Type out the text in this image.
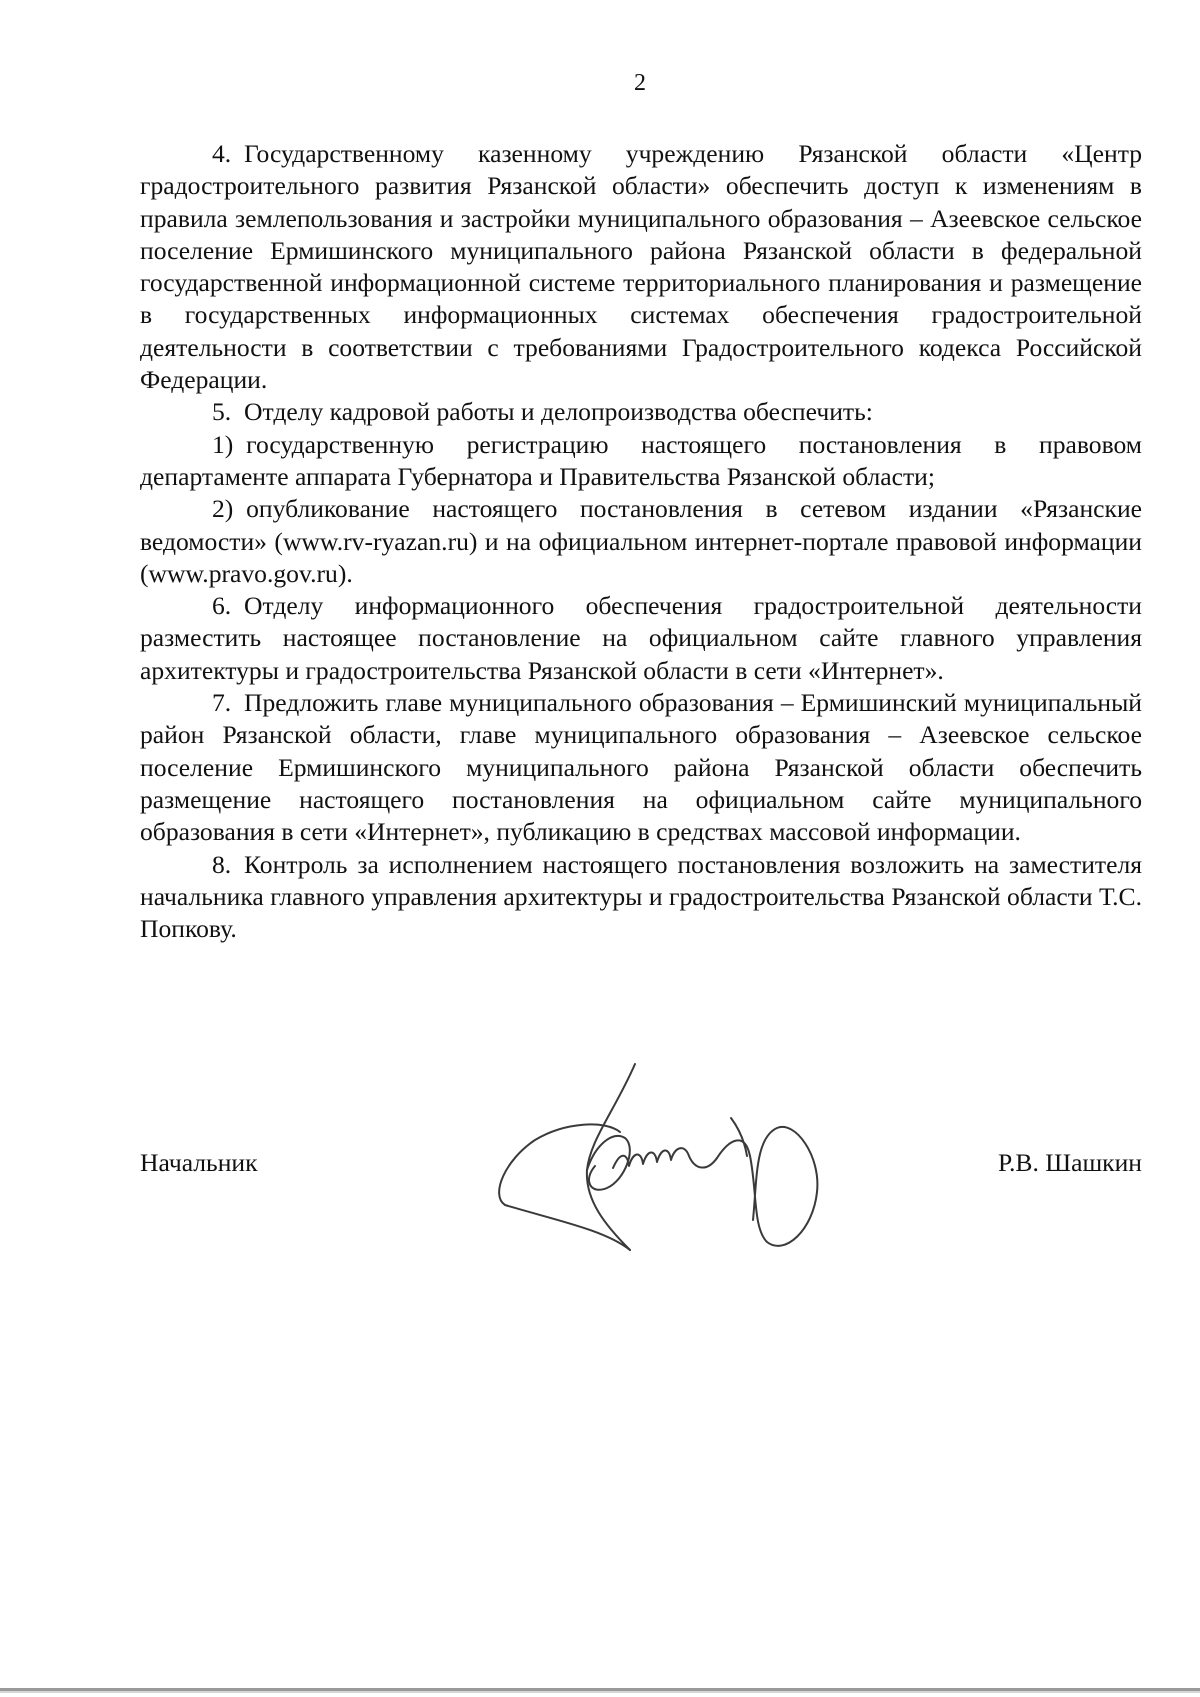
2

4. Государственному казенному учреждению Рязанской области «Центр градостроительного развития Рязанской области» обеспечить доступ к изменениям в правила землепользования и застройки муниципального образования – Азеевское сельское поселение Ермишинского муниципального района Рязанской области в федеральной государственной информационной системе территориального планирования и размещение в государственных информационных системах обеспечения градостроительной деятельности в соответствии с требованиями Градостроительного кодекса Российской Федерации.

5. Отделу кадровой работы и делопроизводства обеспечить:

1) государственную регистрацию настоящего постановления в правовом департаменте аппарата Губернатора и Правительства Рязанской области;

2) опубликование настоящего постановления в сетевом издании «Рязанские ведомости» (www.rv-ryazan.ru) и на официальном интернет-портале правовой информации (www.pravo.gov.ru).

6. Отделу информационного обеспечения градостроительной деятельности разместить настоящее постановление на официальном сайте главного управления архитектуры и градостроительства Рязанской области в сети «Интернет».

7. Предложить главе муниципального образования – Ермишинский муниципальный район Рязанской области, главе муниципального образования – Азеевское сельское поселение Ермишинского муниципального района Рязанской области обеспечить размещение настоящего постановления на официальном сайте муниципального образования в сети «Интернет», публикацию в средствах массовой информации.

8. Контроль за исполнением настоящего постановления возложить на заместителя начальника главного управления архитектуры и градостроительства Рязанской области Т.С. Попкову.

Начальник	Р.В. Шашкин
